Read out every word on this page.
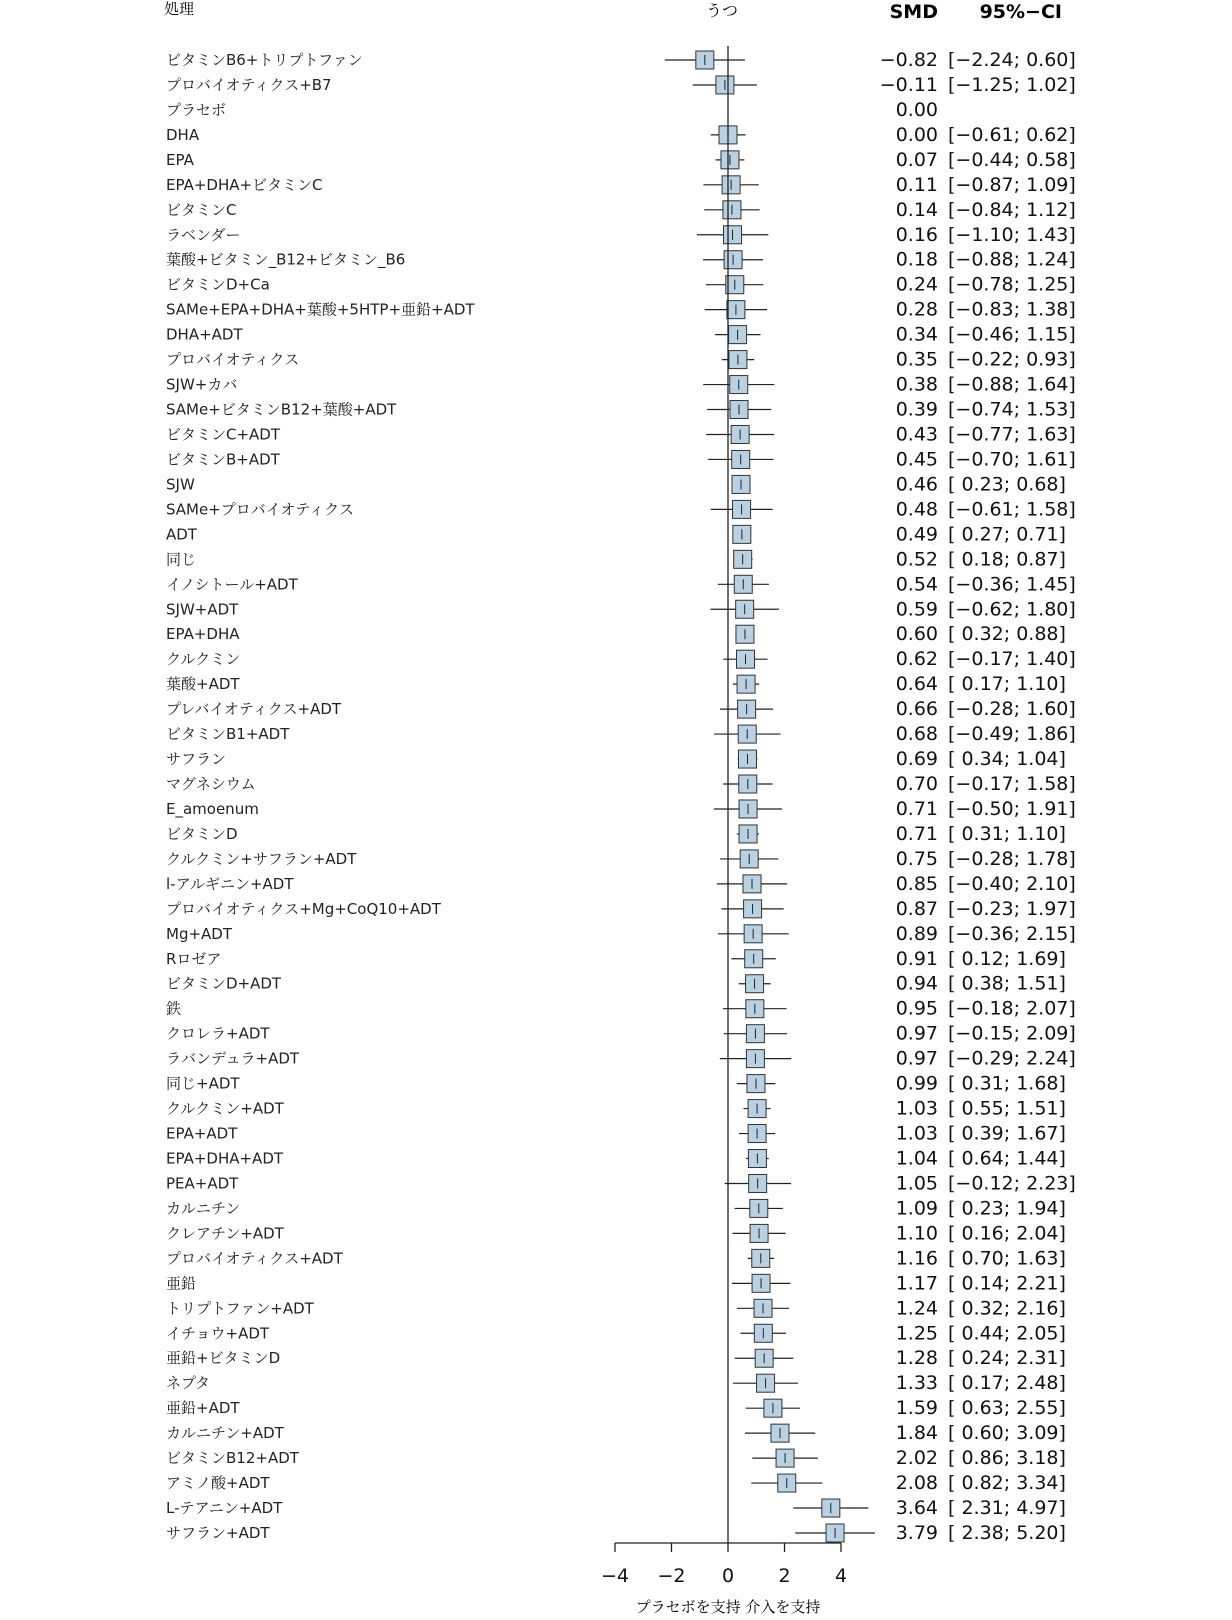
処理	うつ	SMD 95%−CI
ビタミンB6+トリプトファン	−0.82 [−2.24; 0.60]
プロバイオティクス+B7	−0.11 [−1.25; 1.02]
プラセボ	0.00
DHA	0.00 [−0.61; 0.62]
EPA	0.07 [−0.44; 0.58]
EPA+DHA+ビタミンC	0.11 [−0.87; 1.09]
ビタミンC	0.14 [−0.84; 1.12]
ラベンダー	0.16 [−1.10; 1.43]
葉酸+ビタミン_B12+ビタミン_B6	0.18 [−0.88; 1.24]
ビタミンD+Ca	0.24 [−0.78; 1.25]
SAMe+EPA+DHA+葉酸+5HTP+亜鉛+ADT	0.28 [−0.83; 1.38]
DHA+ADT	0.34 [−0.46; 1.15]
プロバイオティクス	0.35 [−0.22; 0.93]
SJW+カバ	0.38 [−0.88; 1.64]
SAMe+ビタミンB12+葉酸+ADT	0.39 [−0.74; 1.53]
ビタミンC+ADT	0.43 [−0.77; 1.63]
ビタミンB+ADT	0.45 [−0.70; 1.61]
SJW	0.46 [ 0.23; 0.68]
SAMe+プロバイオティクス	0.48 [−0.61; 1.58]
ADT	0.49 [ 0.27; 0.71]
同じ	0.52 [ 0.18; 0.87]
イノシトール+ADT	0.54 [−0.36; 1.45]
SJW+ADT	0.59 [−0.62; 1.80]
EPA+DHA	0.60 [ 0.32; 0.88]
クルクミン	0.62 [−0.17; 1.40]
葉酸+ADT	0.64 [ 0.17; 1.10]
プレバイオティクス+ADT	0.66 [−0.28; 1.60]
ビタミンB1+ADT	0.68 [−0.49; 1.86]
サフラン	0.69 [ 0.34; 1.04]
マグネシウム	0.70 [−0.17; 1.58]
E_amoenum	0.71 [−0.50; 1.91]
ビタミンD	0.71 [ 0.31; 1.10]
クルクミン+サフラン+ADT	0.75 [−0.28; 1.78]
l-アルギニン+ADT	0.85 [−0.40; 2.10]
プロバイオティクス+Mg+CoQ10+ADT	0.87 [−0.23; 1.97]
Mg+ADT	0.89 [−0.36; 2.15]
Rロゼア	0.91 [ 0.12; 1.69]
ビタミンD+ADT	0.94 [ 0.38; 1.51]
鉄	0.95 [−0.18; 2.07]
クロレラ+ADT	0.97 [−0.15; 2.09]
ラバンデュラ+ADT	0.97 [−0.29; 2.24]
同じ+ADT	0.99 [ 0.31; 1.68]
クルクミン+ADT	1.03 [ 0.55; 1.51]
EPA+ADT	1.03 [ 0.39; 1.67]
EPA+DHA+ADT	1.04 [ 0.64; 1.44]
PEA+ADT	1.05 [−0.12; 2.23]
カルニチン	1.09 [ 0.23; 1.94]
クレアチン+ADT	1.10 [ 0.16; 2.04]
プロバイオティクス+ADT	1.16 [ 0.70; 1.63]
亜鉛	1.17 [ 0.14; 2.21]
トリプトファン+ADT	1.24 [ 0.32; 2.16]
イチョウ+ADT	1.25 [ 0.44; 2.05]
亜鉛+ビタミンD	1.28 [ 0.24; 2.31]
ネプタ	1.33 [ 0.17; 2.48]
亜鉛+ADT	1.59 [ 0.63; 2.55]
カルニチン+ADT	1.84 [ 0.60; 3.09]
ビタミンB12+ADT	2.02 [ 0.86; 3.18]
アミノ酸+ADT	2.08 [ 0.82; 3.34]
L-テアニン+ADT	3.64 [ 2.31; 4.97]
サフラン+ADT	3.79 [ 2.38; 5.20]
−4 −2 0 2 4
プラセボを支持 介入を支持
